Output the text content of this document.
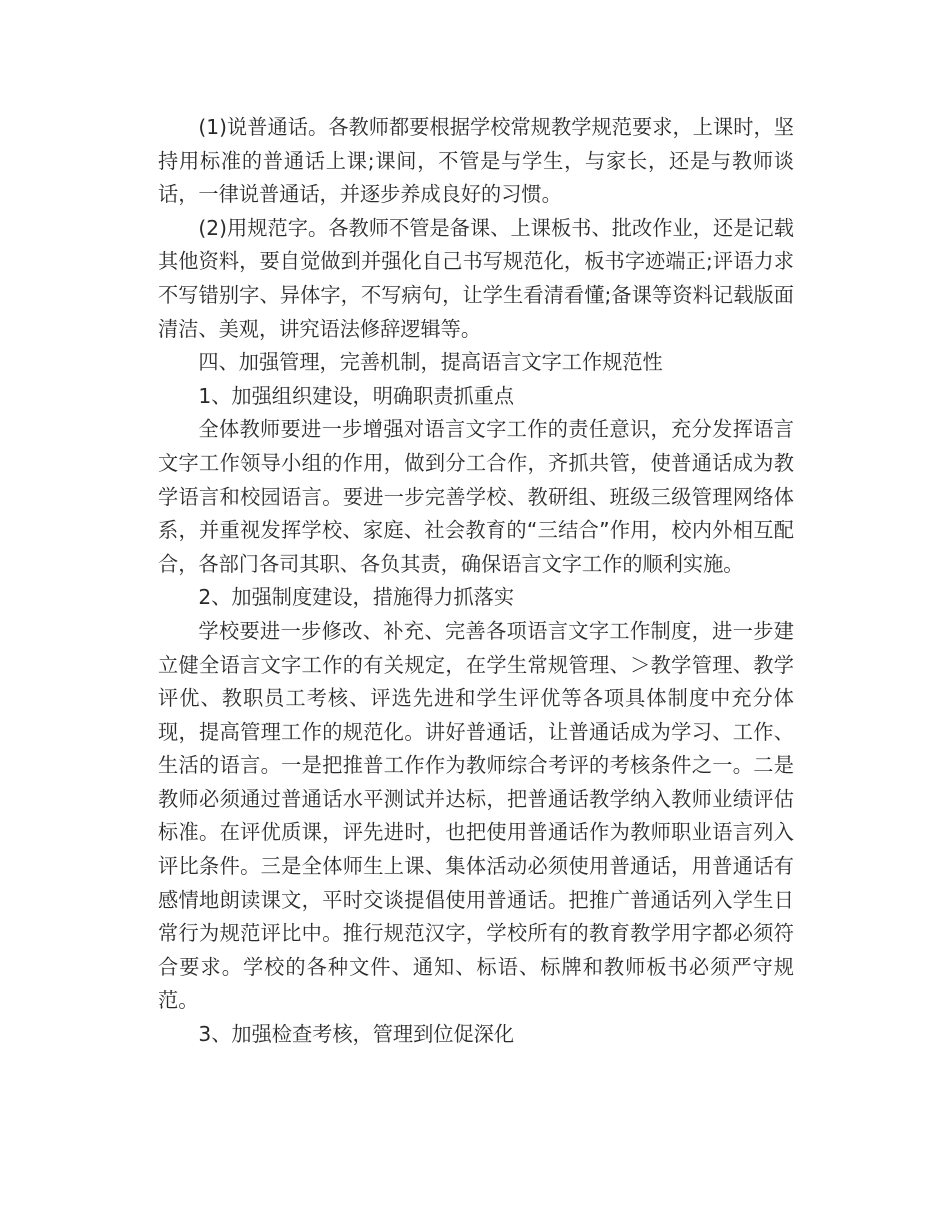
(1)说普通话。各教师都要根据学校常规教学规范要求，上课时，坚持用标准的普通话上课;课间，不管是与学生，与家长，还是与教师谈话，一律说普通话，并逐步养成良好的习惯。

(2)用规范字。各教师不管是备课、上课板书、批改作业，还是记载其他资料，要自觉做到并强化自己书写规范化，板书字迹端正;评语力求不写错别字、异体字，不写病句，让学生看清看懂;备课等资料记载版面清洁、美观，讲究语法修辞逻辑等。

四、加强管理，完善机制，提高语言文字工作规范性

1、加强组织建设，明确职责抓重点

全体教师要进一步增强对语言文字工作的责任意识，充分发挥语言文字工作领导小组的作用，做到分工合作，齐抓共管，使普通话成为教学语言和校园语言。要进一步完善学校、教研组、班级三级管理网络体系，并重视发挥学校、家庭、社会教育的“三结合”作用，校内外相互配合，各部门各司其职、各负其责，确保语言文字工作的顺利实施。

2、加强制度建设，措施得力抓落实

学校要进一步修改、补充、完善各项语言文字工作制度，进一步建立健全语言文字工作的有关规定，在学生常规管理、＞教学管理、教学评优、教职员工考核、评选先进和学生评优等各项具体制度中充分体现，提高管理工作的规范化。讲好普通话，让普通话成为学习、工作、生活的语言。一是把推普工作作为教师综合考评的考核条件之一。二是教师必须通过普通话水平测试并达标，把普通话教学纳入教师业绩评估标准。在评优质课，评先进时，也把使用普通话作为教师职业语言列入评比条件。三是全体师生上课、集体活动必须使用普通话，用普通话有感情地朗读课文，平时交谈提倡使用普通话。把推广普通话列入学生日常行为规范评比中。推行规范汉字，学校所有的教育教学用字都必须符合要求。学校的各种文件、通知、标语、标牌和教师板书必须严守规范。

3、加强检查考核，管理到位促深化
